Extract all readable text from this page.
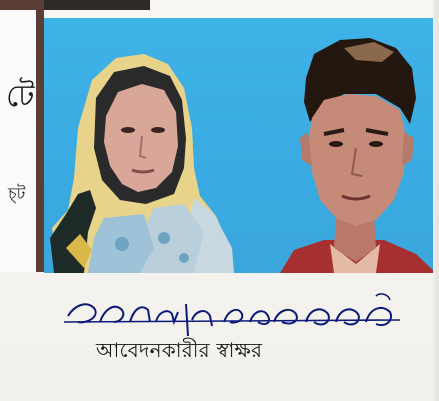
টে
চ্ট
আবেদনকারীর স্বাক্ষর
